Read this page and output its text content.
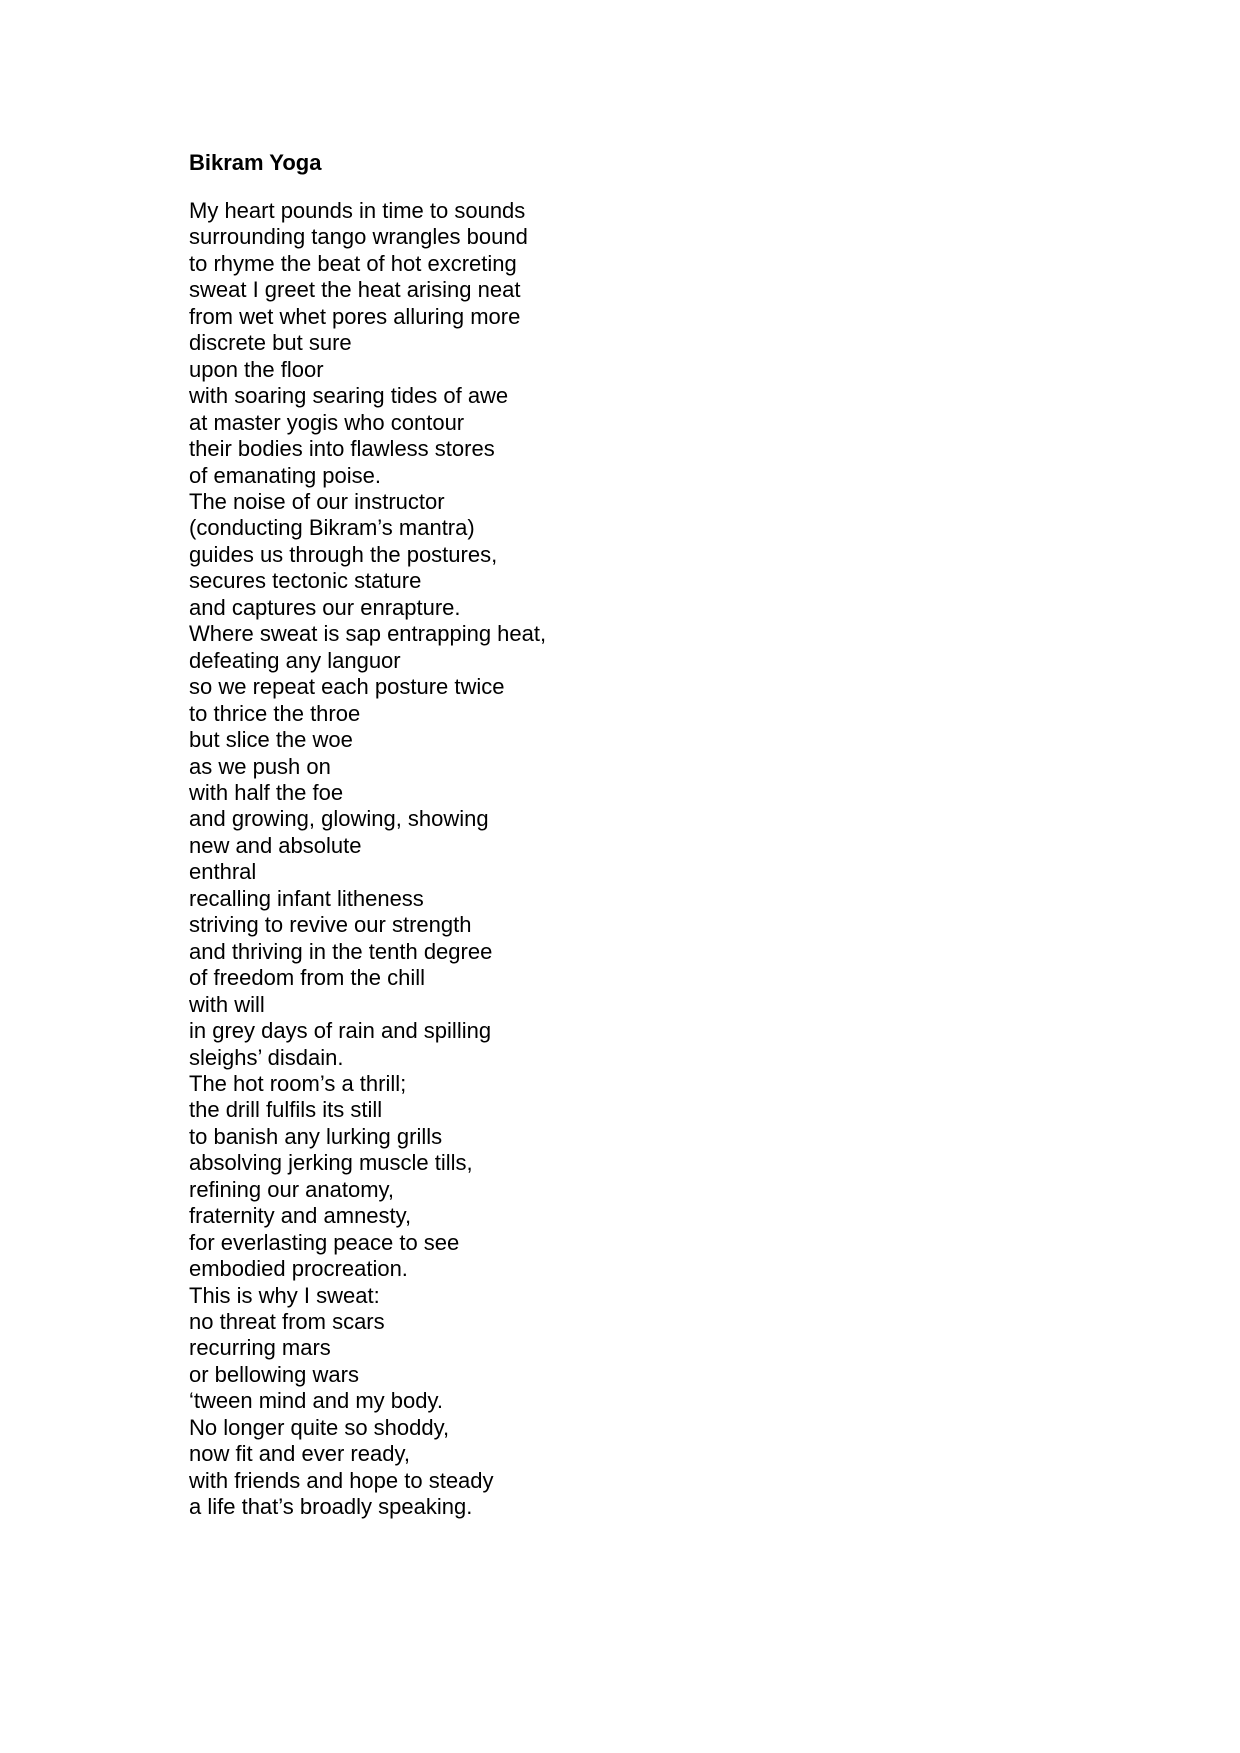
Bikram Yoga
My heart pounds in time to sounds
surrounding tango wrangles bound
to rhyme the beat of hot excreting
sweat I greet the heat arising neat
from wet whet pores alluring more
discrete but sure
upon the floor
with soaring searing tides of awe
at master yogis who contour
their bodies into flawless stores
of emanating poise.
The noise of our instructor
(conducting Bikram’s mantra)
guides us through the postures,
secures tectonic stature
and captures our enrapture.
Where sweat is sap entrapping heat,
defeating any languor
so we repeat each posture twice
to thrice the throe
but slice the woe
as we push on
with half the foe
and growing, glowing, showing
new and absolute
enthral
recalling infant litheness
striving to revive our strength
and thriving in the tenth degree
of freedom from the chill
with will
in grey days of rain and spilling
sleighs’ disdain.
The hot room’s a thrill;
the drill fulfils its still
to banish any lurking grills
absolving jerking muscle tills,
refining our anatomy,
fraternity and amnesty,
for everlasting peace to see
embodied procreation.
This is why I sweat:
no threat from scars
recurring mars
or bellowing wars
‘tween mind and my body.
No longer quite so shoddy,
now fit and ever ready,
with friends and hope to steady
a life that’s broadly speaking.
